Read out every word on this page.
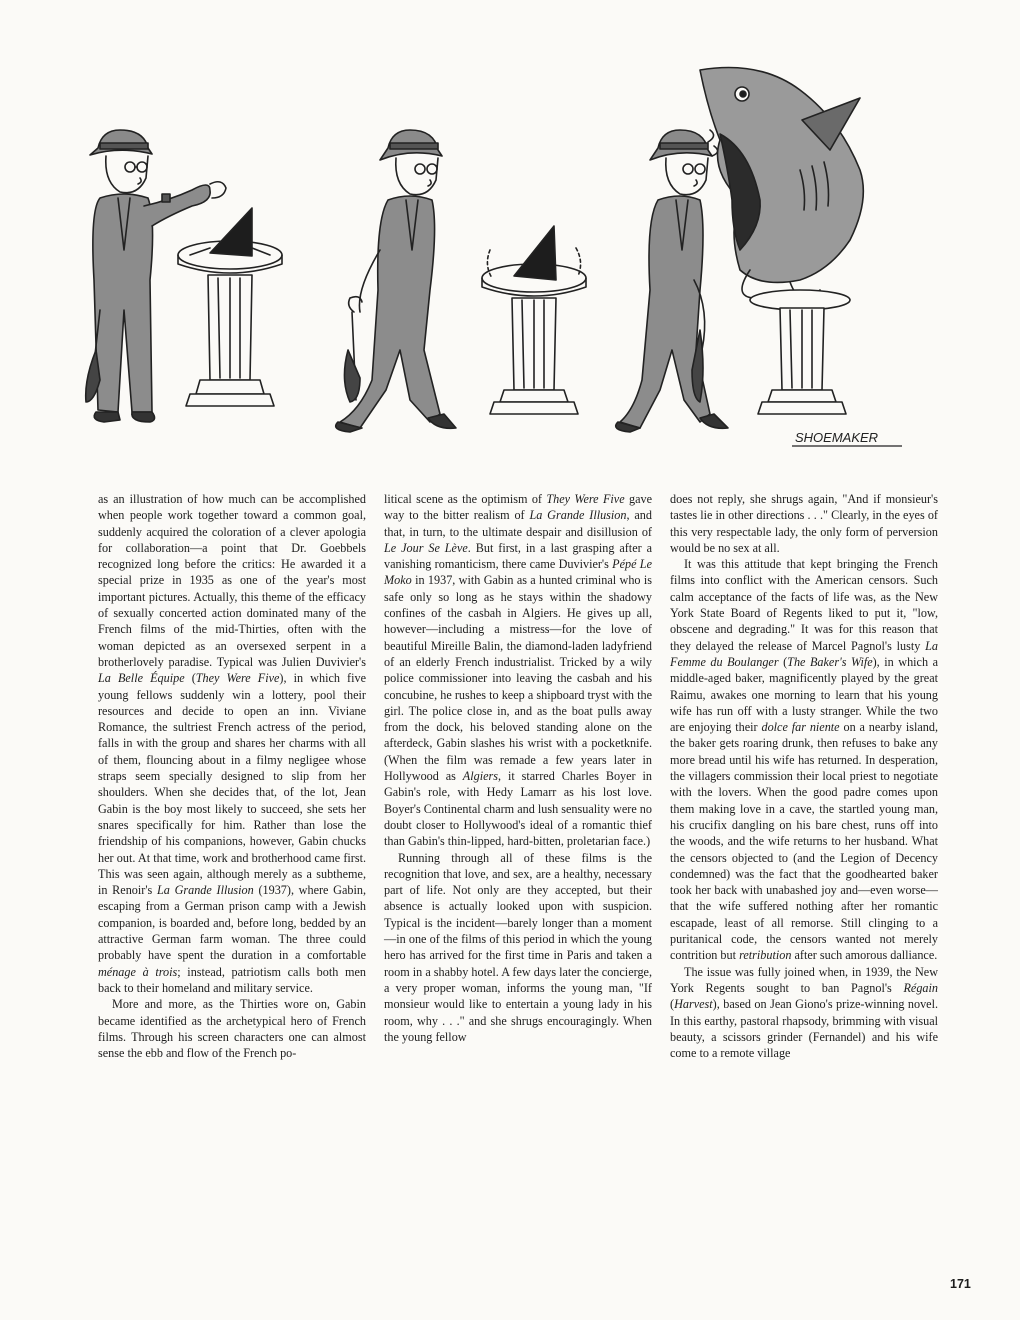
SHOEMAKER

as an illustration of how much can be accomplished when people work together toward a common goal, suddenly acquired the coloration of a clever apologia for collaboration—a point that Dr. Goebbels recognized long before the critics: He awarded it a special prize in 1935 as one of the year's most important pictures. Actually, this theme of the efficacy of sexually concerted action dominated many of the French films of the mid-Thirties, often with the woman depicted as an oversexed serpent in a brotherlovely paradise. Typical was Julien Duvivier's La Belle Équipe (They Were Five), in which five young fellows suddenly win a lottery, pool their resources and decide to open an inn. Viviane Romance, the sultriest French actress of the period, falls in with the group and shares her charms with all of them, flouncing about in a filmy negligee whose straps seem specially designed to slip from her shoulders. When she decides that, of the lot, Jean Gabin is the boy most likely to succeed, she sets her snares specifically for him. Rather than lose the friendship of his companions, however, Gabin chucks her out. At that time, work and brotherhood came first. This was seen again, although merely as a subtheme, in Renoir's La Grande Illusion (1937), where Gabin, escaping from a German prison camp with a Jewish companion, is boarded and, before long, bedded by an attractive German farm woman. The three could probably have spent the duration in a comfortable ménage à trois; instead, patriotism calls both men back to their homeland and military service.

More and more, as the Thirties wore on, Gabin became identified as the archetypical hero of French films. Through his screen characters one can almost sense the ebb and flow of the French po-

litical scene as the optimism of They Were Five gave way to the bitter realism of La Grande Illusion, and that, in turn, to the ultimate despair and disillusion of Le Jour Se Lève. But first, in a last grasping after a vanishing romanticism, there came Duvivier's Pépé Le Moko in 1937, with Gabin as a hunted criminal who is safe only so long as he stays within the shadowy confines of the casbah in Algiers. He gives up all, however—including a mistress—for the love of beautiful Mireille Balin, the diamond-laden ladyfriend of an elderly French industrialist. Tricked by a wily police commissioner into leaving the casbah and his concubine, he rushes to keep a shipboard tryst with the girl. The police close in, and as the boat pulls away from the dock, his beloved standing alone on the afterdeck, Gabin slashes his wrist with a pocketknife. (When the film was remade a few years later in Hollywood as Algiers, it starred Charles Boyer in Gabin's role, with Hedy Lamarr as his lost love. Boyer's Continental charm and lush sensuality were no doubt closer to Hollywood's ideal of a romantic thief than Gabin's thin-lipped, hard-bitten, proletarian face.)

Running through all of these films is the recognition that love, and sex, are a healthy, necessary part of life. Not only are they accepted, but their absence is actually looked upon with suspicion. Typical is the incident—barely longer than a moment—in one of the films of this period in which the young hero has arrived for the first time in Paris and taken a room in a shabby hotel. A few days later the concierge, a very proper woman, informs the young man, "If monsieur would like to entertain a young lady in his room, why . . ." and she shrugs encouragingly. When the young fellow

does not reply, she shrugs again, "And if monsieur's tastes lie in other directions . . ." Clearly, in the eyes of this very respectable lady, the only form of perversion would be no sex at all.

It was this attitude that kept bringing the French films into conflict with the American censors. Such calm acceptance of the facts of life was, as the New York State Board of Regents liked to put it, "low, obscene and degrading." It was for this reason that they delayed the release of Marcel Pagnol's lusty La Femme du Boulanger (The Baker's Wife), in which a middle-aged baker, magnificently played by the great Raimu, awakes one morning to learn that his young wife has run off with a lusty stranger. While the two are enjoying their dolce far niente on a nearby island, the baker gets roaring drunk, then refuses to bake any more bread until his wife has returned. In desperation, the villagers commission their local priest to negotiate with the lovers. When the good padre comes upon them making love in a cave, the startled young man, his crucifix dangling on his bare chest, runs off into the woods, and the wife returns to her husband. What the censors objected to (and the Legion of Decency condemned) was the fact that the goodhearted baker took her back with unabashed joy and—even worse—that the wife suffered nothing after her romantic escapade, least of all remorse. Still clinging to a puritanical code, the censors wanted not merely contrition but retribution after such amorous dalliance.

The issue was fully joined when, in 1939, the New York Regents sought to ban Pagnol's Régain (Harvest), based on Jean Giono's prize-winning novel. In this earthy, pastoral rhapsody, brimming with visual beauty, a scissors grinder (Fernandel) and his wife come to a remote village

171
